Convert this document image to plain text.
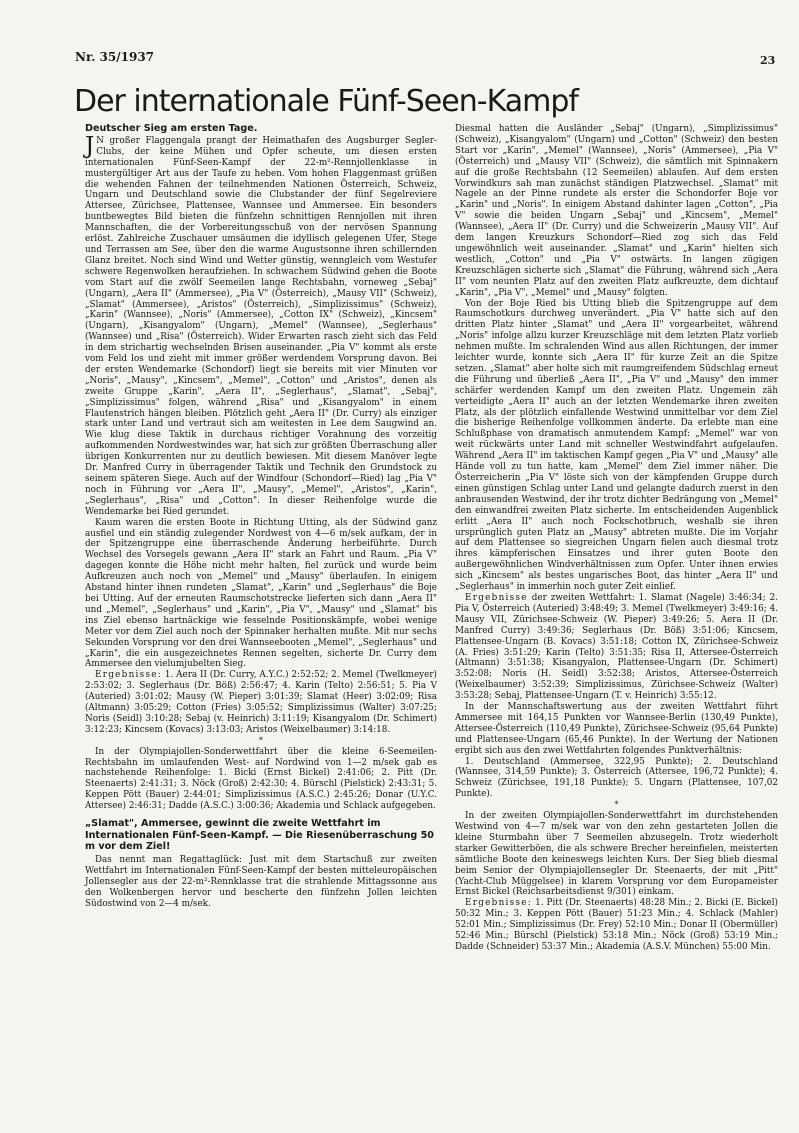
Nr. 35/1937	23
Der internationale Fünf-Seen-Kampf
Deutscher Sieg am ersten Tage.

J N großer Flaggengala prangt der Heimathafen des Augsburger Segler-Clubs, der keine Mühen und Opfer scheute, um diesen ersten internationalen Fünf-Seen-Kampf der 22-m²-Rennjollenklasse in mustergültiger Art aus der Taufe zu heben. Vom hohen Flaggenmast grüßen die wehenden Fahnen der teilnehmenden Nationen Österreich, Schweiz, Ungarn und Deutschland sowie die Clubstander der fünf Segelreviere Attersee, Zürichsee, Plattensee, Wannsee und Ammersee. Ein besonders buntbewegtes Bild bieten die fünfzehn schnittigen Rennjollen mit ihren Mannschaften, die der Vorbereitungsschuß von der nervösen Spannung erlöst. Zahlreiche Zuschauer umsäumen die idyllisch gelegenen Ufer, Stege und Terrassen am See, über den die warme Augustsonne ihren schillernden Glanz breitet. Noch sind Wind und Wetter günstig, wenngleich vom Westufer schwere Regenwolken heraufziehen. In schwachem Südwind gehen die Boote vom Start auf die zwölf Seemeilen lange Rechtsbahn, vorneweg „Sebaj" (Ungarn), „Aera II" (Ammersee), „Pia V" (Österreich), „Mausy VII" (Schweiz), „Slamat" (Ammersee), „Aristos" (Österreich), „Simplizissimus" (Schweiz), „Karin" (Wannsee), „Noris" (Ammersee), „Cotton IX" (Schweiz), „Kincsem" (Ungarn), „Kisangyalom" (Ungarn), „Memel" (Wannsee), „Seglerhaus" (Wannsee) und „Risa" (Österreich). Wider Erwarten rasch zieht sich das Feld in dem strichartig wechselnden Brisen auseinander. „Pia V" kommt als erste vom Feld los und zieht mit immer größer werdendem Vorsprung davon. Bei der ersten Wendemarke (Schondorf) liegt sie bereits mit vier Minuten vor „Noris", „Mausy", „Kincsem", „Memel", „Cotton" und „Aristos", denen als zweite Gruppe „Karin", „Aera II", „Seglerhaus", „Slamat", „Sebaj", „Simplizissimus" folgen, während „Risa" und „Kisangyalom" in einem Flautenstrich hängen bleiben. Plötzlich geht „Aera II" (Dr. Curry) als einziger stark unter Land und vertraut sich am weitesten in Lee dem Saugwind an. Wie klug diese Taktik in durchaus richtiger Vorahnung des vorzeitig aufkommenden Nordwestwindes war, hat sich zur größten Überraschung aller übrigen Konkurrenten nur zu deutlich bewiesen. Mit diesem Manöver legte Dr. Manfred Curry in überragender Taktik und Technik den Grundstock zu seinem späteren Siege. Auch auf der Windfour (Schondorf—Ried) lag „Pia V" noch in Führung vor „Aera II", „Mausy", „Memel", „Aristos", „Karin", „Seglerhaus", „Risa" und „Cotton". In dieser Reihenfolge wurde die Wendemarke bei Ried gerundet.

Kaum waren die ersten Boote in Richtung Utting, als der Südwind ganz ausfiel und ein ständig zulegender Nordwest von 4—6 m/sek aufkam, der in der Spitzengruppe eine überraschende Änderung herbeiführte. Durch Wechsel des Vorsegels gewann „Aera II" stark an Fahrt und Raum. „Pia V" dagegen konnte die Höhe nicht mehr halten, fiel zurück und wurde beim Aufkreuzen auch noch von „Memel" und „Mausy" überlaufen. In einigem Abstand hinter ihnen rundeten „Slamat", „Karin" und „Seglerhaus" die Boje bei Utting. Auf der erneuten Raumschotstrecke lieferten sich dann „Aera II" und „Memel", „Seglerhaus" und „Karin", „Pia V", „Mausy" und „Slamat" bis ins Ziel ebenso hartnäckige wie fesselnde Positionskämpfe, wobei wenige Meter vor dem Ziel auch noch der Spinnaker herhalten mußte. Mit nur sechs Sekunden Vorsprung vor den drei Wannseebooten „Memel", „Seglerhaus" und „Karin", die ein ausgezeichnetes Rennen segelten, sicherte Dr. Curry dem Ammersee den vielumjubelten Sieg.

Ergebnisse: 1. Aera II (Dr. Curry, A.Y.C.) 2:52:52; 2. Memel (Twelkmeyer) 2:53:02; 3. Seglerhaus (Dr. Böß) 2:56:47; 4. Karin (Telto) 2:56:51; 5. Pia V (Auteried) 3:01:02; Mausy (W. Pieper) 3:01:39; Slamat (Heer) 3:02:09; Risa (Altmann) 3:05:29; Cotton (Fries) 3:05:52; Simplizissimus (Walter) 3:07:25; Noris (Seidl) 3:10:28; Sebaj (v. Heinrich) 3:11:19; Kisangyalom (Dr. Schimert) 3:12:23; Kincsem (Kovacs) 3:13:03; Aristos (Weixelbaumer) 3:14:18.

*

In der Olympiajollen-Sonderwettfahrt über die kleine 6-Seemeilen-Rechtsbahn im umlaufenden West- auf Nordwind von 1—2 m/sek gab es nachstehende Reihenfolge: 1. Bicki (Ernst Bickel) 2:41:06; 2. Pitt (Dr. Steenaerts) 2:41:31; 3. Nöck (Groß) 2:42:30; 4. Bürschl (Pielstick) 2:43:31; 5. Keppen Pött (Bauer) 2:44:01; Simplizissimus (A.S.C.) 2:45:26; Donar (U.Y.C. Attersee) 2:46:31; Dadde (A.S.C.) 3:00:36; Akademia und Schlack aufgegeben.

„Slamat", Ammersee, gewinnt die zweite Wettfahrt im Internationalen Fünf-Seen-Kampf. — Die Riesenüberraschung 50 m vor dem Ziel!

Das nennt man Regattaglück: Just mit dem Startschuß zur zweiten Wettfahrt im Internationalen Fünf-Seen-Kampf der besten mitteleuropäischen Jollensegler aus der 22-m²-Rennklasse trat die strahlende Mittagssonne aus den Wolkenbergen hervor und bescherte den fünfzehn Jollen leichten Südostwind von 2—4 m/sek.

Diesmal hatten die Ausländer „Sebaj" (Ungarn), „Simplizissimus" (Schweiz), „Kisangyalom" (Ungarn) und „Cotton" (Schweiz) den besten Start vor „Karin", „Memel" (Wannsee), „Noris" (Ammersee), „Pia V" (Österreich) und „Mausy VII" (Schweiz), die sämtlich mit Spinnakern auf die große Rechtsbahn (12 Seemeilen) ablaufen. Auf dem ersten Vorwindkurs sah man zunächst ständigen Platzwechsel. „Slamat" mit Nagele an der Pinne rundete als erster die Schondorfer Boje vor „Karin" und „Noris". In einigem Abstand dahinter lagen „Cotton", „Pia V" sowie die beiden Ungarn „Sebaj" und „Kincsem", „Memel" (Wannsee), „Aera II" (Dr. Curry) und die Schweizerin „Mausy VII". Auf dem langen Kreuzkurs Schondorf—Ried zog sich das Feld ungewöhnlich weit auseinander. „Slamat" und „Karin" hielten sich westlich, „Cotton" und „Pia V" ostwärts. In langen zügigen Kreuzschlägen sicherte sich „Slamat" die Führung, während sich „Aera II" vom neunten Platz auf den zweiten Platz aufkreuzte, dem dichtauf „Karin", „Pia V", „Memel" und „Mausy" folgten.

Von der Boje Ried bis Utting blieb die Spitzengruppe auf dem Raumschotkurs durchweg unverändert. „Pia V" hatte sich auf den dritten Platz hinter „Slamat" und „Aera II" vorgearbeitet, während „Noris" infolge allzu kurzer Kreuzschläge mit dem letzten Platz vorlieb nehmen mußte. Im schralenden Wind aus allen Richtungen, der immer leichter wurde, konnte sich „Aera II" für kurze Zeit an die Spitze setzen. „Slamat" aber holte sich mit raumgreifendem Südschlag erneut die Führung und überließ „Aera II", „Pia V" und „Mausy" den immer schärfer werdenden Kampf um den zweiten Platz. Ungemein zäh verteidigte „Aera II" auch an der letzten Wendemarke ihren zweiten Platz, als der plötzlich einfallende Westwind unmittelbar vor dem Ziel die bisherige Reihenfolge vollkommen änderte. Da erlebte man eine Schlußphase von dramatisch anmutendem Kampf: „Memel" war von weit rückwärts unter Land mit schneller Westwindfahrt aufgelaufen. Während „Aera II" im taktischen Kampf gegen „Pia V" und „Mausy" alle Hände voll zu tun hatte, kam „Memel" dem Ziel immer näher. Die Österreicherin „Pia V" löste sich von der kämpfenden Gruppe durch einen günstigen Schlag unter Land und gelangte dadurch zuerst in den anbrausenden Westwind, der ihr trotz dichter Bedrängung von „Memel" den einwandfrei zweiten Platz sicherte. Im entscheidenden Augenblick erlitt „Aera II" auch noch Fockschotbruch, weshalb sie ihren ursprünglich guten Platz an „Mausy" abtreten mußte. Die im Vorjahr auf dem Plattensee so siegreichen Ungarn fielen auch diesmal trotz ihres kämpferischen Einsatzes und ihrer guten Boote den außergewöhnlichen Windverhältnissen zum Opfer. Unter ihnen erwies sich „Kincsem" als bestes ungarisches Boot, das hinter „Aera II" und „Seglerhaus" in immerhin noch guter Zeit einlief.

Ergebnisse der zweiten Wettfahrt: 1. Slamat (Nagele) 3:46:34; 2. Pia V, Österreich (Auteried) 3:48:49; 3. Memel (Twelkmeyer) 3:49:16; 4. Mausy VII, Zürichsee-Schweiz (W. Pieper) 3:49:26; 5. Aera II (Dr. Manfred Curry) 3:49:36; Seglerhaus (Dr. Böß) 3:51:06; Kincsem, Plattensee-Ungarn (B. Kovacs) 3:51:18; Cotton IX, Zürichsee-Schweiz (A. Fries) 3:51:29; Karin (Telto) 3:51:35; Risa II, Attersee-Österreich (Altmann) 3:51:38; Kisangyalon, Plattensee-Ungarn (Dr. Schimert) 3:52:08; Noris (H. Seidl) 3:52:38; Aristos, Attersee-Österreich (Weixelbaumer) 3:52:39; Simplizissimus, Zürichsee-Schweiz (Walter) 3:53:28; Sebaj, Plattensee-Ungarn (T. v. Heinrich) 3:55:12.

In der Mannschaftswertung aus der zweiten Wettfahrt führt Ammersee mit 164,15 Punkten vor Wannsee-Berlin (130,49 Punkte), Attersee-Österreich (110,49 Punkte), Zürichsee-Schweiz (95,64 Punkte) und Plattensee-Ungarn (65,46 Punkte). In der Wertung der Nationen ergibt sich aus den zwei Wettfahrten folgendes Punktverhältnis:

1. Deutschland (Ammersee, 322,95 Punkte); 2. Deutschland (Wannsee, 314,59 Punkte); 3. Österreich (Attersee, 196,72 Punkte); 4. Schweiz (Zürichsee, 191,18 Punkte); 5. Ungarn (Plattensee, 107,02 Punkte).

*

In der zweiten Olympiajollen-Sonderwettfahrt im durchstehenden Westwind von 4—7 m/sek war von den zehn gestarteten Jollen die kleine Sturmbahn über 7 Seemeilen abzusegeln. Trotz wiederholt starker Gewitterböen, die als schwere Brecher hereinfielen, meisterten sämtliche Boote den keineswegs leichten Kurs. Der Sieg blieb diesmal beim Senior der Olympiajollensegler Dr. Steenaerts, der mit „Pitt" (Yacht-Club Müggelsee) in klarem Vorsprung vor dem Europameister Ernst Bickel (Reichsarbeitsdienst 9/301) einkam.

Ergebnisse: 1. Pitt (Dr. Steenaerts) 48:28 Min.; 2. Bicki (E. Bickel) 50:32 Min.; 3. Keppen Pött (Bauer) 51:23 Min.; 4. Schlack (Mahler) 52:01 Min.; Simplizissimus (Dr. Frey) 52:10 Min.; Donar II (Obermüller) 52:46 Min.; Bürschl (Pielstick) 53:18 Min.; Nöck (Groß) 53:19 Min.; Dadde (Schneider) 53:37 Min.; Akademia (A.S.V. München) 55:00 Min.
